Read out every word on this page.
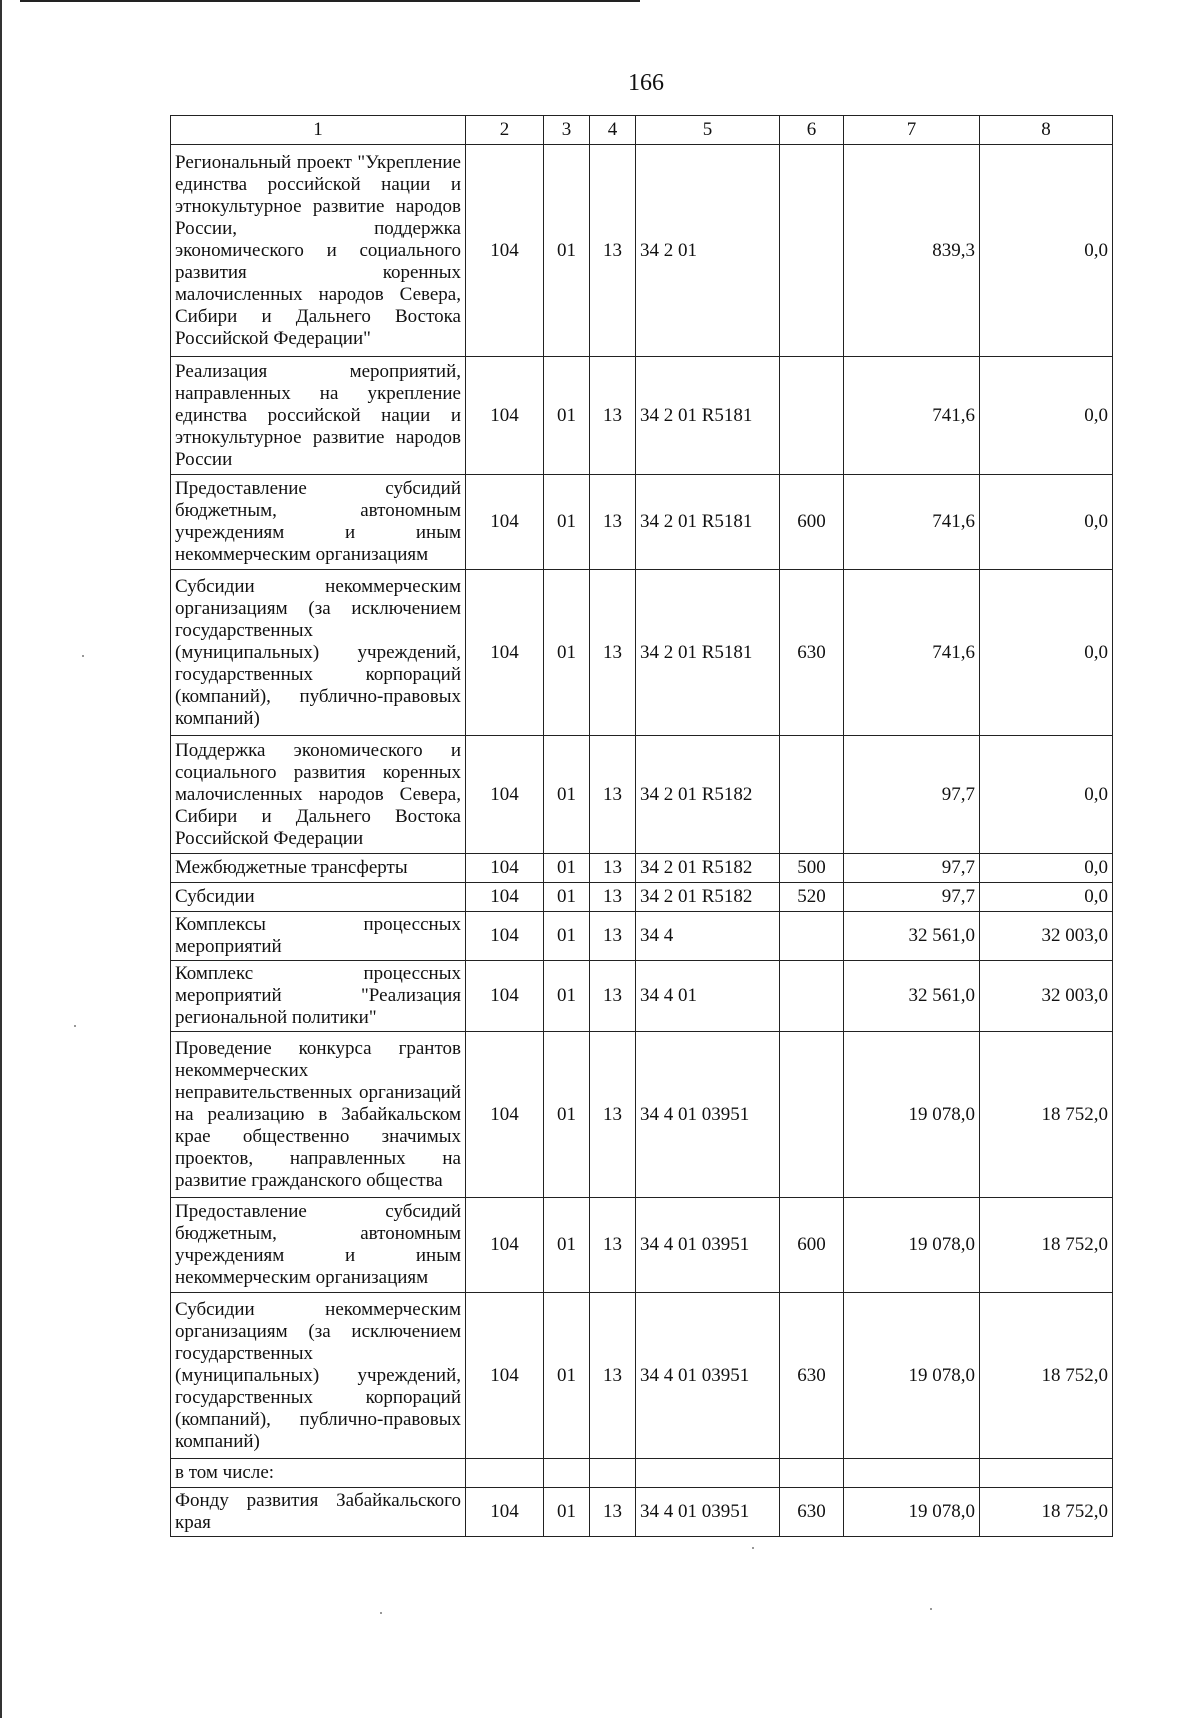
166
1	2	3	4	5	6	7	8
Региональный проект "Укрепление единства российской нации и этнокультурное развитие народов России, поддержка экономического и социального развития коренных малочисленных народов Севера, Сибири и Дальнего Востока Российской Федерации"	104	01	13	34 2 01		839,3	0,0
Реализация мероприятий, направленных на укрепление единства российской нации и этнокультурное развитие народов России	104	01	13	34 2 01 R5181		741,6	0,0
Предоставление субсидий бюджетным, автономным учреждениям и иным некоммерческим организациям	104	01	13	34 2 01 R5181	600	741,6	0,0
Субсидии некоммерческим организациям (за исключением государственных (муниципальных) учреждений, государственных корпораций (компаний), публично-правовых компаний)	104	01	13	34 2 01 R5181	630	741,6	0,0
Поддержка экономического и социального развития коренных малочисленных народов Севера, Сибири и Дальнего Востока Российской Федерации	104	01	13	34 2 01 R5182		97,7	0,0
Межбюджетные трансферты	104	01	13	34 2 01 R5182	500	97,7	0,0
Субсидии	104	01	13	34 2 01 R5182	520	97,7	0,0
Комплексы процессных мероприятий	104	01	13	34 4		32 561,0	32 003,0
Комплекс процессных мероприятий "Реализация региональной политики"	104	01	13	34 4 01		32 561,0	32 003,0
Проведение конкурса грантов некоммерческих неправительственных организаций на реализацию в Забайкальском крае общественно значимых проектов, направленных на развитие гражданского общества	104	01	13	34 4 01 03951		19 078,0	18 752,0
Предоставление субсидий бюджетным, автономным учреждениям и иным некоммерческим организациям	104	01	13	34 4 01 03951	600	19 078,0	18 752,0
Субсидии некоммерческим организациям (за исключением государственных (муниципальных) учреждений, государственных корпораций (компаний), публично-правовых компаний)	104	01	13	34 4 01 03951	630	19 078,0	18 752,0
в том числе:							
Фонду развития Забайкальского края	104	01	13	34 4 01 03951	630	19 078,0	18 752,0
